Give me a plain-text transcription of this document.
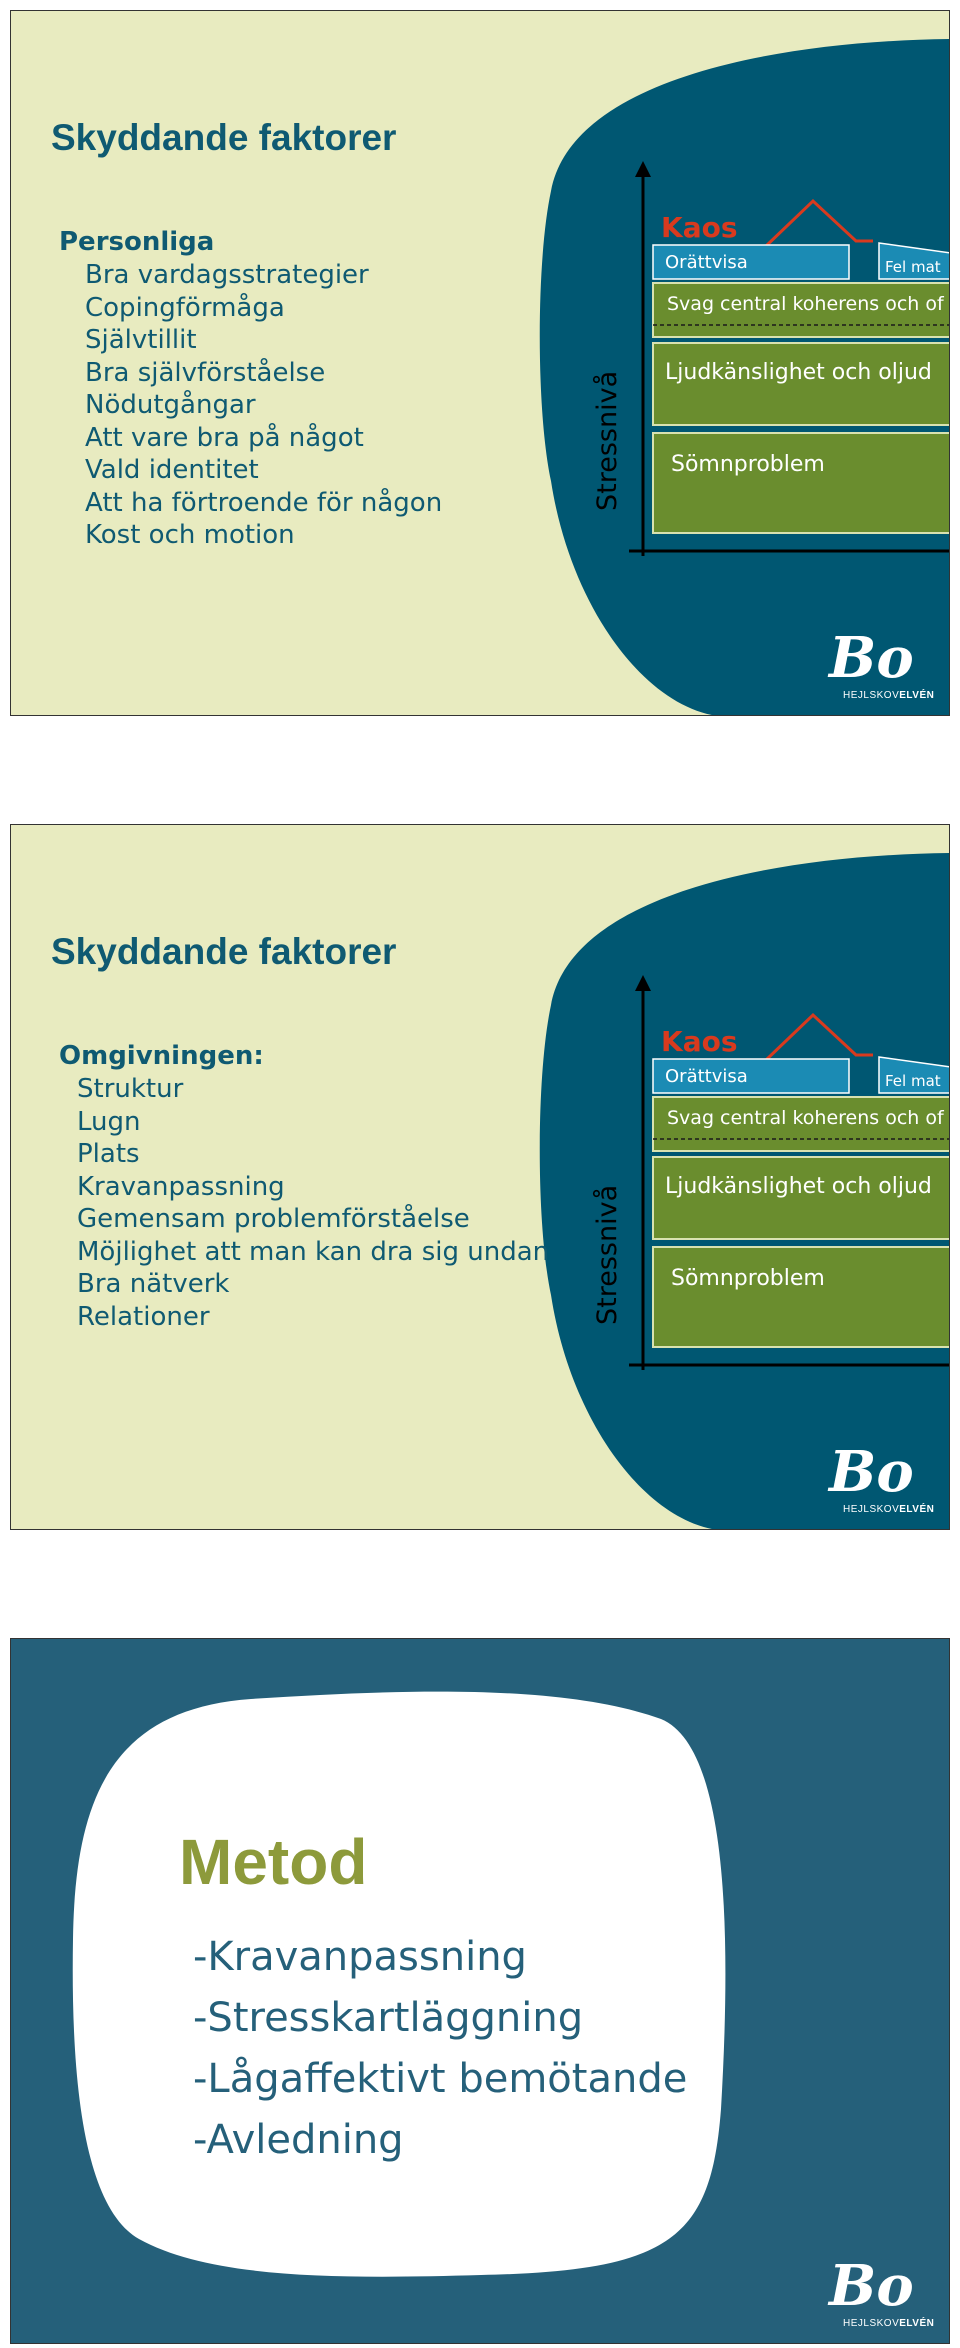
Skyddande faktorer
Personliga
Bra vardagsstrategier
Copingförmåga
Självtillit
Bra självförståelse
Nödutgångar
Att vare bra på något
Vald identitet
Att ha förtroende för någon
Kost och motion
Stressnivå Sömnproblem
Ljudkänslighet och oljud
Svag central koherens och of
Orättvisa	Fel mat
Kaos
Bo
HEJLSKOVELVÉN
Skyddande faktorer
Omgivningen:
Struktur
Lugn
Plats
Kravanpassning
Gemensam problemförståelse
Möjlighet att man kan dra sig undan
Bra nätverk
Relationer	Stressnivå Sömnproblem
Ljudkänslighet och oljud
Svag central koherens och of
Orättvisa	Fel mat
Kaos
Bo
HEJLSKOVELVÉN
Metod
-Kravanpassning
-Stresskartläggning
-Lågaffektivt bemötande
-Avledning
Bo
HEJLSKOVELVÉN
